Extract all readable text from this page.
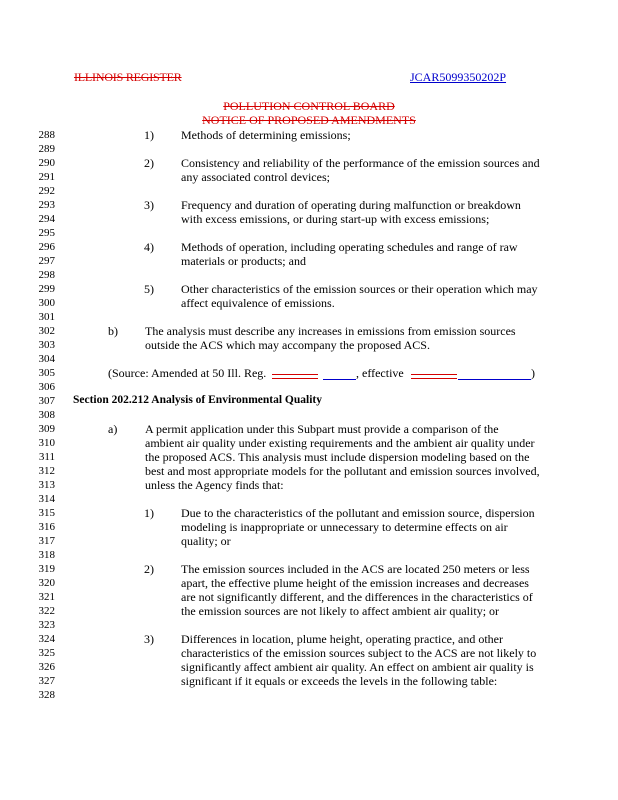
ILLINOIS REGISTER	JCAR5099350202P
POLLUTION CONTROL BOARD
NOTICE OF PROPOSED AMENDMENTS
288
289
290
291
292
293
294
295
296
297
298
299
300
301
302
303
304
305
306
307
308
309
310
311
312
313
314
315
316
317
318
319
320
321
322
323
324
325
326
327
328
1) Methods of determining emissions;
2) Consistency and reliability of the performance of the emission sources and
any associated control devices;
3) Frequency and duration of operating during malfunction or breakdown
with excess emissions, or during start-up with excess emissions;
4) Methods of operation, including operating schedules and range of raw
materials or products; and
5) Other characteristics of the emission sources or their operation which may
affect equivalence of emissions.
b) The analysis must describe any increases in emissions from emission sources
outside the ACS which may accompany the proposed ACS.
(Source: Amended at 50 Ill. Reg.	, effective	)
Section 202.212 Analysis of Environmental Quality
a) A permit application under this Subpart must provide a comparison of the
ambient air quality under existing requirements and the ambient air quality under
the proposed ACS. This analysis must include dispersion modeling based on the
best and most appropriate models for the pollutant and emission sources involved,
unless the Agency finds that:
1) Due to the characteristics of the pollutant and emission source, dispersion
modeling is inappropriate or unnecessary to determine effects on air
quality; or
2) The emission sources included in the ACS are located 250 meters or less
apart, the effective plume height of the emission increases and decreases
are not significantly different, and the differences in the characteristics of
the emission sources are not likely to affect ambient air quality; or
3) Differences in location, plume height, operating practice, and other
characteristics of the emission sources subject to the ACS are not likely to
significantly affect ambient air quality. An effect on ambient air quality is
significant if it equals or exceeds the levels in the following table:
